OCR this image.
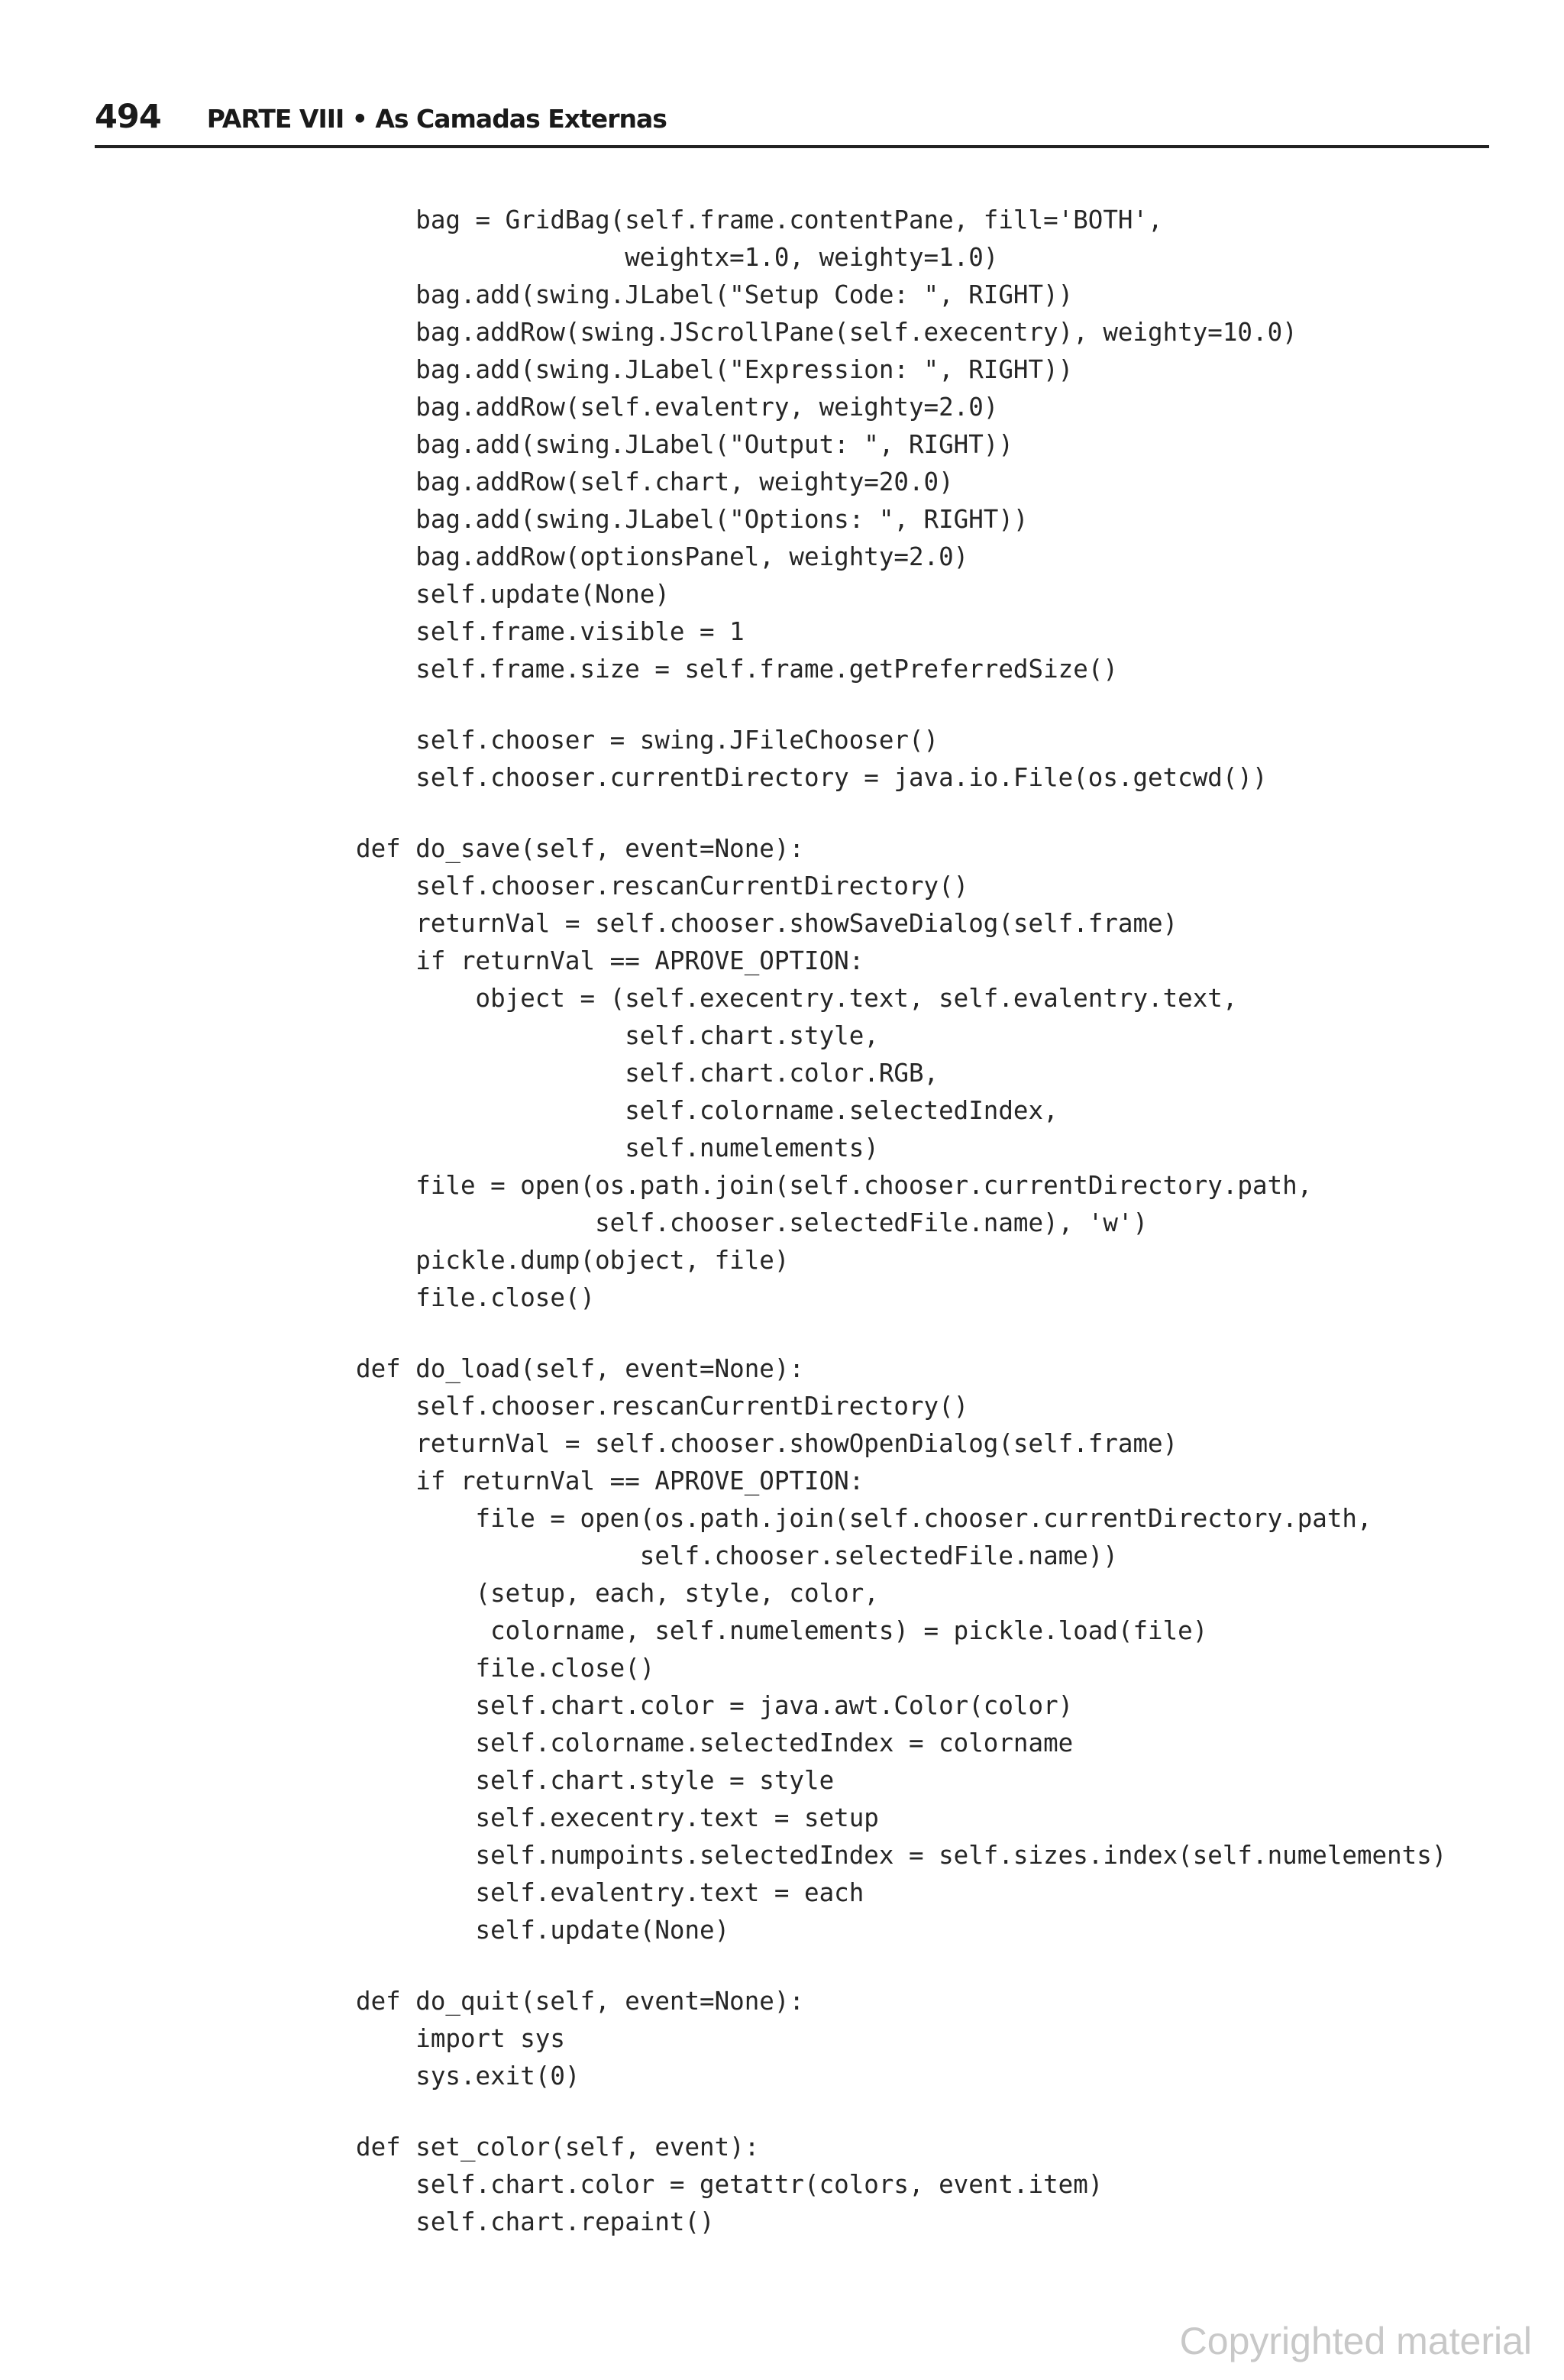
494 PARTE VIII • As Camadas Externas
bag = GridBag(self.frame.contentPane, fill='BOTH',
weightx=1.0, weighty=1.0)
bag.add(swing.JLabel("Setup Code: ", RIGHT))
bag.addRow(swing.JScrollPane(self.execentry), weighty=10.0)
bag.add(swing.JLabel("Expression: ", RIGHT))
bag.addRow(self.evalentry, weighty=2.0)
bag.add(swing.JLabel("Output: ", RIGHT))
bag.addRow(self.chart, weighty=20.0)
bag.add(swing.JLabel("Options: ", RIGHT))
bag.addRow(optionsPanel, weighty=2.0)
self.update(None)
self.frame.visible = 1
self.frame.size = self.frame.getPreferredSize()
self.chooser = swing.JFileChooser()
self.chooser.currentDirectory = java.io.File(os.getcwd())
def do_save(self, event=None):
self.chooser.rescanCurrentDirectory()
returnVal = self.chooser.showSaveDialog(self.frame)
if returnVal == APROVE_OPTION:
object = (self.execentry.text, self.evalentry.text,
self.chart.style,
self.chart.color.RGB,
self.colorname.selectedIndex,
self.numelements)
file = open(os.path.join(self.chooser.currentDirectory.path,
self.chooser.selectedFile.name), 'w')
pickle.dump(object, file)
file.close()
def do_load(self, event=None):
self.chooser.rescanCurrentDirectory()
returnVal = self.chooser.showOpenDialog(self.frame)
if returnVal == APROVE_OPTION:
file = open(os.path.join(self.chooser.currentDirectory.path,
self.chooser.selectedFile.name))
(setup, each, style, color,
colorname, self.numelements) = pickle.load(file)
file.close()
self.chart.color = java.awt.Color(color)
self.colorname.selectedIndex = colorname
self.chart.style = style
self.execentry.text = setup
self.numpoints.selectedIndex = self.sizes.index(self.numelements)
self.evalentry.text = each
self.update(None)
def do_quit(self, event=None):
import sys
sys.exit(0)
def set_color(self, event):
self.chart.color = getattr(colors, event.item)
self.chart.repaint()
Copyrighted material
